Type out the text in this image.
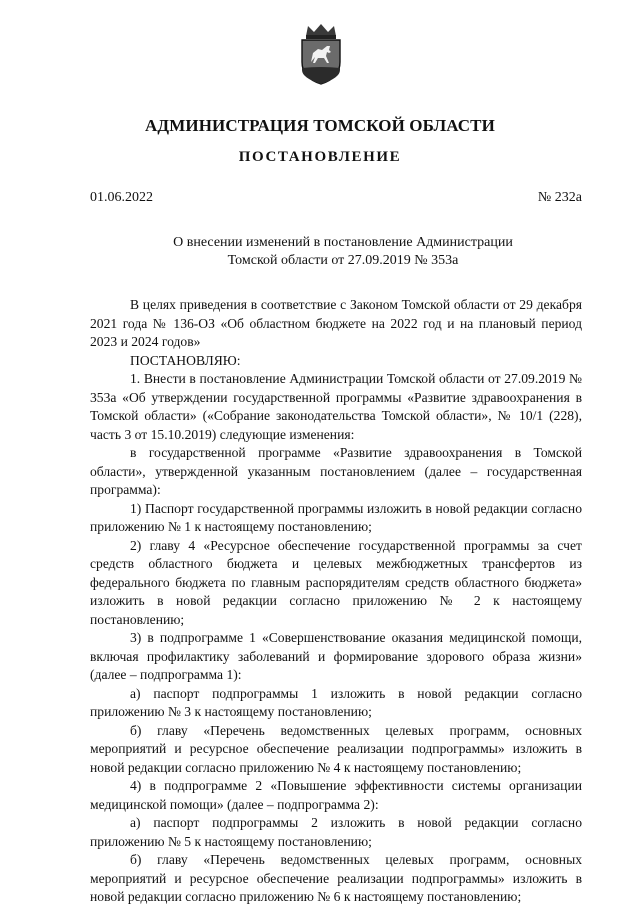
АДМИНИСТРАЦИЯ ТОМСКОЙ ОБЛАСТИ
ПОСТАНОВЛЕНИЕ
01.06.2022	№ 232а
О внесении изменений в постановление Администрации
Томской области от 27.09.2019 № 353а

В целях приведения в соответствие с Законом Томской области от 29 декабря 2021 года № 136-ОЗ «Об областном бюджете на 2022 год и на плановый период 2023 и 2024 годов»

ПОСТАНОВЛЯЮ:

1. Внести в постановление Администрации Томской области от 27.09.2019 № 353а «Об утверждении государственной программы «Развитие здравоохранения в Томской области» («Собрание законодательства Томской области», № 10/1 (228), часть 3 от 15.10.2019) следующие изменения:

в государственной программе «Развитие здравоохранения в Томской области», утвержденной указанным постановлением (далее – государственная программа):

1) Паспорт государственной программы изложить в новой редакции согласно приложению № 1 к настоящему постановлению;

2) главу 4 «Ресурсное обеспечение государственной программы за счет средств областного бюджета и целевых межбюджетных трансфертов из федерального бюджета по главным распорядителям средств областного бюджета» изложить в новой редакции согласно приложению № 2 к настоящему постановлению;

3) в подпрограмме 1 «Совершенствование оказания медицинской помощи, включая профилактику заболеваний и формирование здорового образа жизни» (далее – подпрограмма 1):

а) паспорт подпрограммы 1 изложить в новой редакции согласно приложению № 3 к настоящему постановлению;

б) главу «Перечень ведомственных целевых программ, основных мероприятий и ресурсное обеспечение реализации подпрограммы» изложить в новой редакции согласно приложению № 4 к настоящему постановлению;

4) в подпрограмме 2 «Повышение эффективности системы организации медицинской помощи» (далее – подпрограмма 2):

а) паспорт подпрограммы 2 изложить в новой редакции согласно приложению № 5 к настоящему постановлению;

б) главу «Перечень ведомственных целевых программ, основных мероприятий и ресурсное обеспечение реализации подпрограммы» изложить в новой редакции согласно приложению № 6 к настоящему постановлению;
